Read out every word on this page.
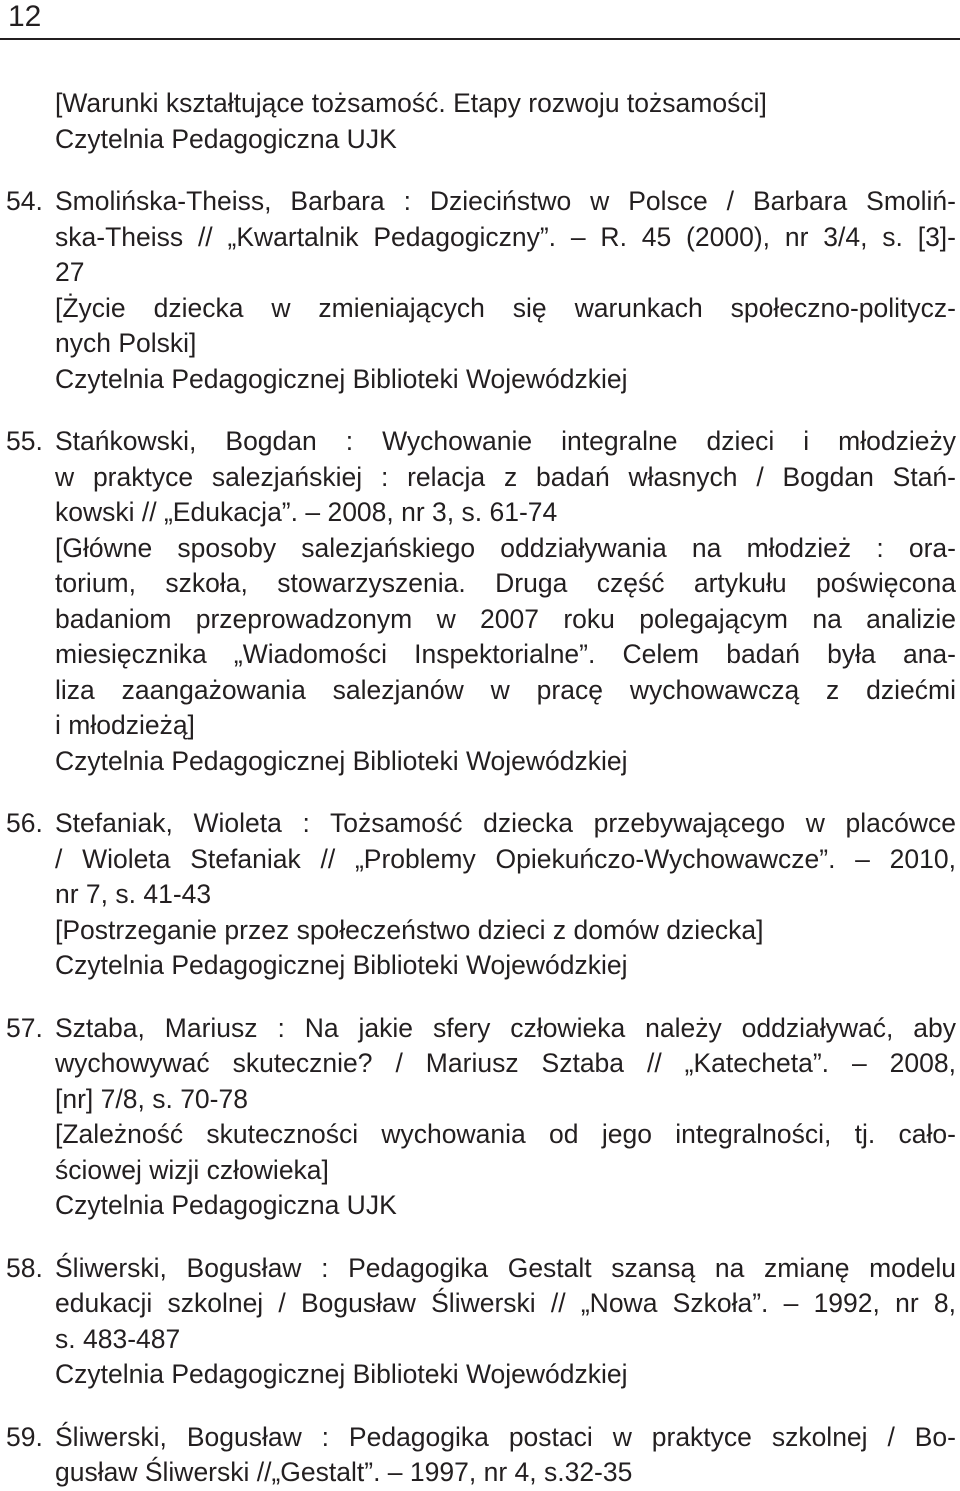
12
[Warunki kształtujące tożsamość. Etapy rozwoju tożsamości]
Czytelnia Pedagogiczna UJK
54. Smolińska-Theiss, Barbara : Dzieciństwo w Polsce / Barbara Smoliń-
ska-Theiss // „Kwartalnik Pedagogiczny”. – R. 45 (2000), nr 3/4, s. [3]-
27
[Życie dziecka w zmieniających się warunkach społeczno-politycz-
nych Polski]
Czytelnia Pedagogicznej Biblioteki Wojewódzkiej
55. Stańkowski, Bogdan : Wychowanie integralne dzieci i młodzieży
w praktyce salezjańskiej : relacja z badań własnych / Bogdan Stań-
kowski // „Edukacja”. – 2008, nr 3, s. 61-74
[Główne sposoby salezjańskiego oddziaływania na młodzież : ora-
torium, szkoła, stowarzyszenia. Druga część artykułu poświęcona
badaniom przeprowadzonym w 2007 roku polegającym na analizie
miesięcznika „Wiadomości Inspektorialne”. Celem badań była ana-
liza zaangażowania salezjanów w pracę wychowawczą z dziećmi
i młodzieżą]
Czytelnia Pedagogicznej Biblioteki Wojewódzkiej
56. Stefaniak, Wioleta : Tożsamość dziecka przebywającego w placówce
/ Wioleta Stefaniak // „Problemy Opiekuńczo-Wychowawcze”. – 2010,
nr 7, s. 41-43
[Postrzeganie przez społeczeństwo dzieci z domów dziecka]
Czytelnia Pedagogicznej Biblioteki Wojewódzkiej
57. Sztaba, Mariusz : Na jakie sfery człowieka należy oddziaływać, aby
wychowywać skutecznie? / Mariusz Sztaba // „Katecheta”. – 2008,
[nr] 7/8, s. 70-78
[Zależność skuteczności wychowania od jego integralności, tj. cało-
ściowej wizji człowieka]
Czytelnia Pedagogiczna UJK
58. Śliwerski, Bogusław : Pedagogika Gestalt szansą na zmianę modelu
edukacji szkolnej / Bogusław Śliwerski // „Nowa Szkoła”. – 1992, nr 8,
s. 483-487
Czytelnia Pedagogicznej Biblioteki Wojewódzkiej
59. Śliwerski, Bogusław : Pedagogika postaci w praktyce szkolnej / Bo-
gusław Śliwerski //„Gestalt”. – 1997, nr 4, s.32-35
